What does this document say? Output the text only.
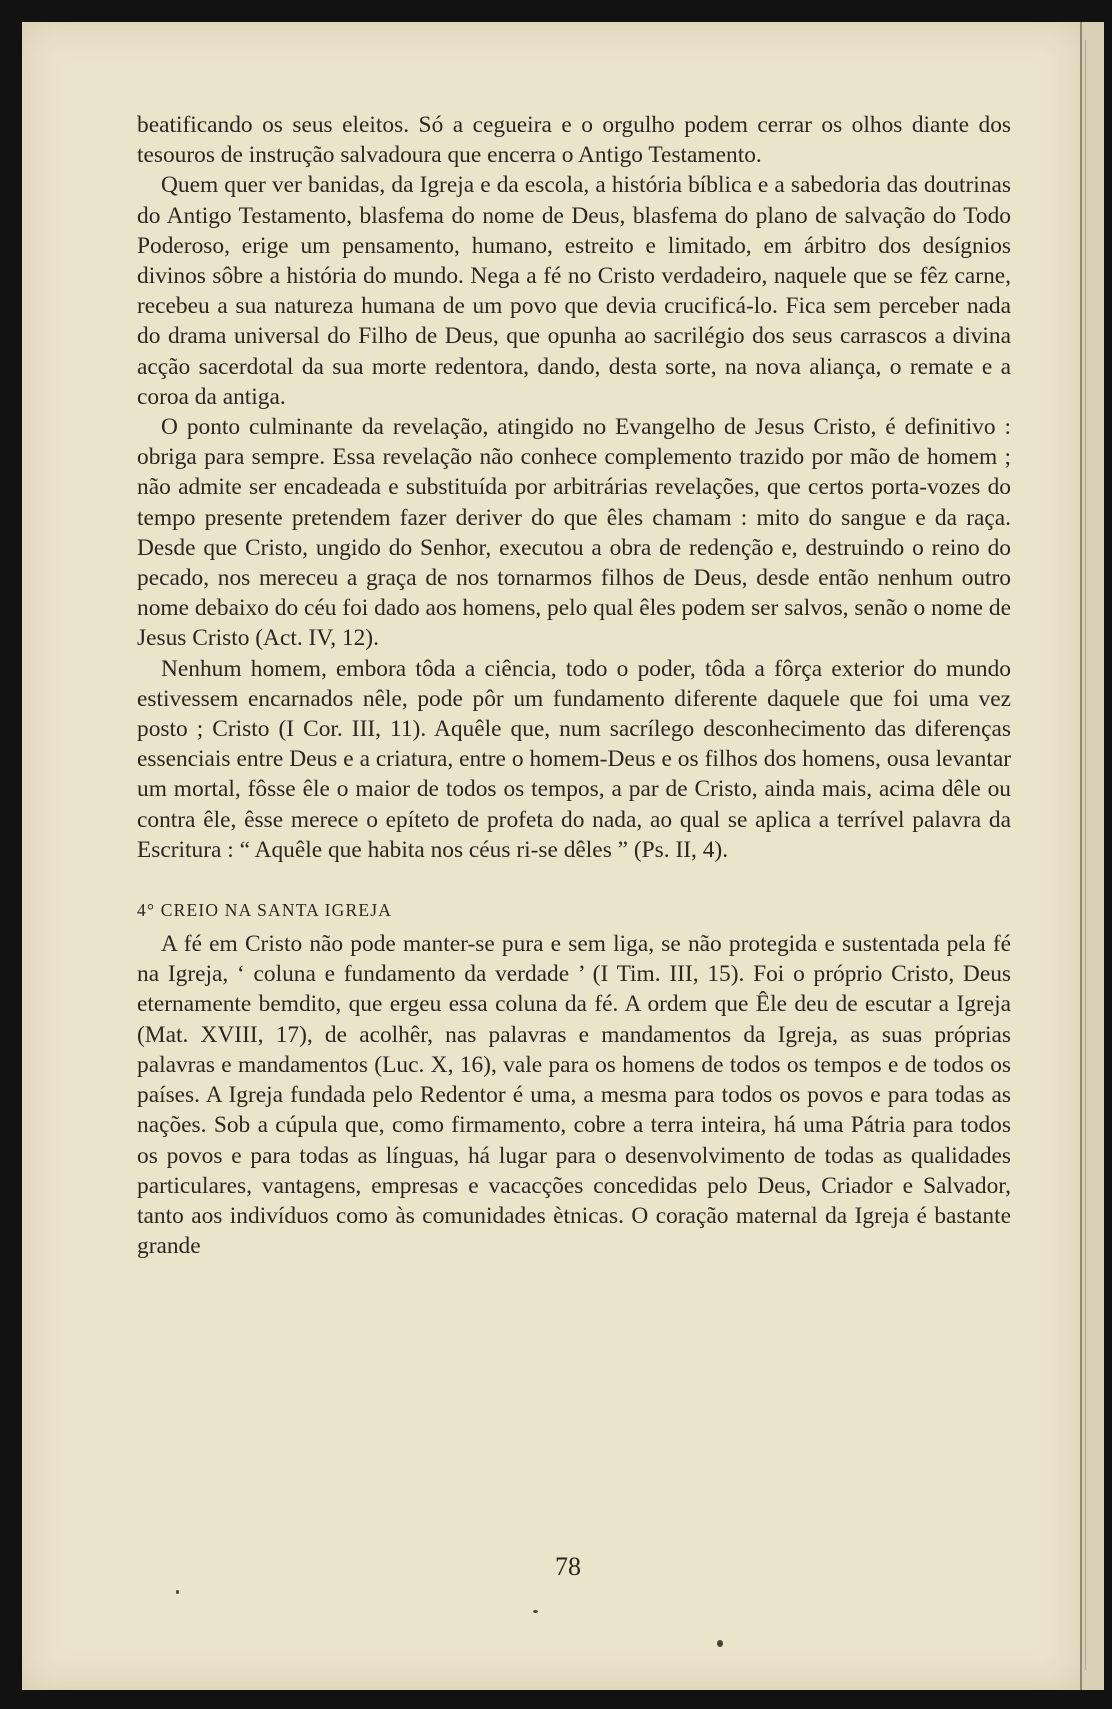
beatificando os seus eleitos. Só a cegueira e o orgulho podem cerrar os olhos diante dos tesouros de instrução salvadoura que encerra o Antigo Testamento.

Quem quer ver banidas, da Igreja e da escola, a história bíblica e a sabedoria das doutrinas do Antigo Testamento, blasfema do nome de Deus, blasfema do plano de salvação do Todo Poderoso, erige um pensamento, humano, estreito e limitado, em árbitro dos desígnios divinos sôbre a história do mundo. Nega a fé no Cristo verdadeiro, naquele que se fêz carne, recebeu a sua natureza humana de um povo que devia crucificá-lo. Fica sem perceber nada do drama universal do Filho de Deus, que opunha ao sacrilégio dos seus carrascos a divina acção sacerdotal da sua morte redentora, dando, desta sorte, na nova aliança, o remate e a coroa da antiga.

O ponto culminante da revelação, atingido no Evangelho de Jesus Cristo, é definitivo : obriga para sempre. Essa revelação não conhece complemento trazido por mão de homem ; não admite ser encadeada e substituída por arbitrárias revelações, que certos porta-vozes do tempo presente pretendem fazer deriver do que êles chamam : mito do sangue e da raça. Desde que Cristo, ungido do Senhor, executou a obra de redenção e, destruindo o reino do pecado, nos mereceu a graça de nos tornarmos filhos de Deus, desde então nenhum outro nome debaixo do céu foi dado aos homens, pelo qual êles podem ser salvos, senão o nome de Jesus Cristo (Act. IV, 12).

Nenhum homem, embora tôda a ciência, todo o poder, tôda a fôrça exterior do mundo estivessem encarnados nêle, pode pôr um fundamento diferente daquele que foi uma vez posto ; Cristo (I Cor. III, 11). Aquêle que, num sacrílego desconhecimento das diferenças essenciais entre Deus e a criatura, entre o homem-Deus e os filhos dos homens, ousa levantar um mortal, fôsse êle o maior de todos os tempos, a par de Cristo, ainda mais, acima dêle ou contra êle, êsse merece o epíteto de profeta do nada, ao qual se aplica a terrível palavra da Escritura : “ Aquêle que habita nos céus ri-se dêles ” (Ps. II, 4).

4° CREIO NA SANTA IGREJA

A fé em Cristo não pode manter-se pura e sem liga, se não protegida e sustentada pela fé na Igreja, ‘ coluna e fundamento da verdade ’ (I Tim. III, 15). Foi o próprio Cristo, Deus eternamente bemdito, que ergeu essa coluna da fé. A ordem que Êle deu de escutar a Igreja (Mat. XVIII, 17), de acolhêr, nas palavras e mandamentos da Igreja, as suas próprias palavras e mandamentos (Luc. X, 16), vale para os homens de todos os tempos e de todos os países. A Igreja fundada pelo Redentor é uma, a mesma para todos os povos e para todas as nações. Sob a cúpula que, como firmamento, cobre a terra inteira, há uma Pátria para todos os povos e para todas as línguas, há lugar para o desenvolvimento de todas as qualidades particulares, vantagens, empresas e vacacções concedidas pelo Deus, Criador e Salvador, tanto aos indivíduos como às comunidades ètnicas. O coração maternal da Igreja é bastante grande

78
